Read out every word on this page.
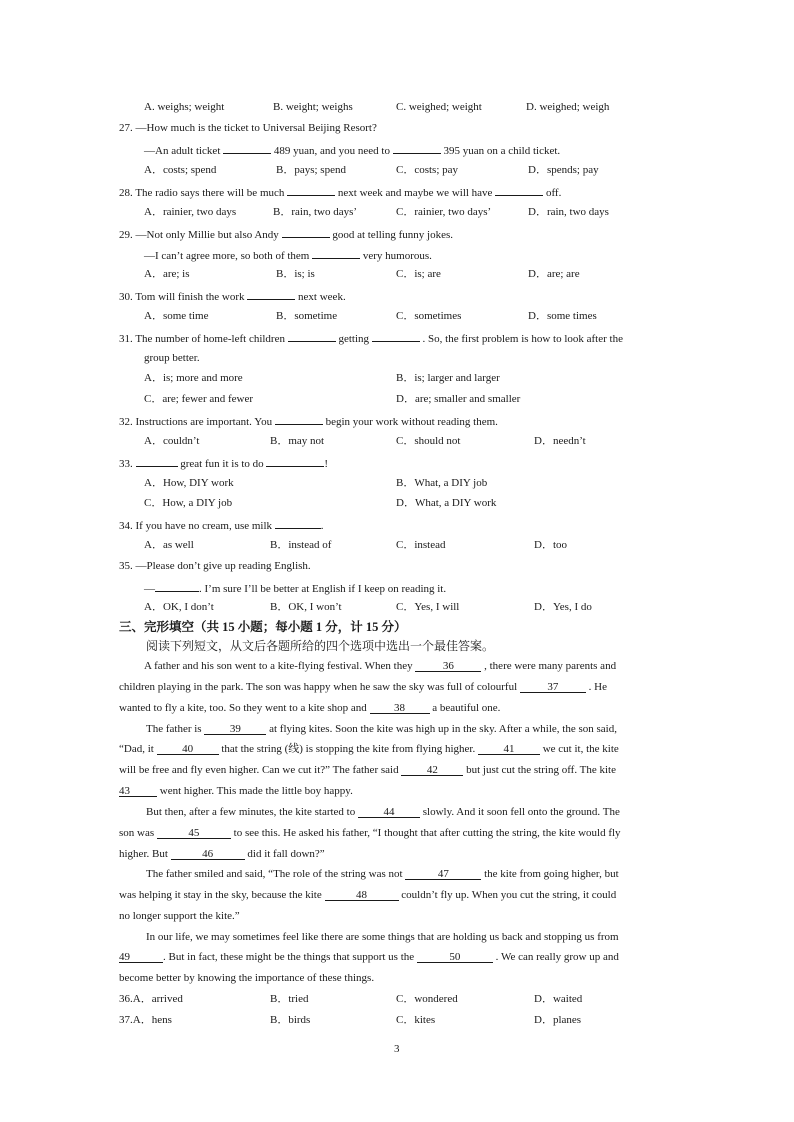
A. weighs; weight	B. weight; weighs	C. weighed; weight	D. weighed; weigh
27. —How much is the ticket to Universal Beijing Resort?
—An adult ticket	489 yuan, and you need to	395 yuan on a child ticket.
A．costs; spend	B．pays; spend	C．costs; pay	D．spends; pay
28. The radio says there will be much	next week and maybe we will have	off.
A．rainier, two days	B．rain, two days’	C．rainier, two days’	D．rain, two days
29. —Not only Millie but also Andy	good at telling funny jokes.
—I can’t agree more, so both of them	very humorous.
A．are; is	B．is; is	C．is; are	D．are; are
30. Tom will finish the work	next week.
A．some time	B．sometime	C．sometimes	D．some times
31. The number of home-left children	getting	. So, the first problem is how to look after the
group better.
A．is; more and more	B．is; larger and larger
C．are; fewer and fewer	D．are; smaller and smaller
32. Instructions are important. You	begin your work without reading them.
A．couldn’t	B．may not	C．should not	D．needn’t
33.	great fun it is to do	!
A．How, DIY work	B．What, a DIY job
C．How, a DIY job	D．What, a DIY work
34. If you have no cream, use milk	.
A．as well	B．instead of	C．instead	D．too
35. —Please don’t give up reading English.
—	. I’m sure I’ll be better at English if I keep on reading it.
A．OK, I don’t	B．OK, I won’t	C．Yes, I will	D．Yes, I do
三、完形填空（共 15 小题；每小题 1 分，计 15 分）
阅读下列短文，从文后各题所给的四个选项中选出一个最佳答案。
A father and his son went to a kite-flying festival. When they	36	, there were many parents and
children playing in the park. The son was happy when he saw the sky was full of colourful	37	. He
wanted to fly a kite, too. So they went to a kite shop and 38 a beautiful one.
The father is	39	at flying kites. Soon the kite was high up in the sky. After a while, the son said,
“Dad, it	40	that the string (线) is stopping the kite from flying higher.	41	we cut it, the kite
will be free and fly even higher. Can we cut it?” The father said	42	but just cut the string off. The kite
43	went higher. This made the little boy happy.
But then, after a few minutes, the kite started to	44	slowly. And it soon fell onto the ground. The
son was	45	to see this. He asked his father, “I thought that after cutting the string, the kite would fly
higher. But	46	did it fall down?”
The father smiled and said, “The role of the string was not	47	the kite from going higher, but
was helping it stay in the sky, because the kite	48	couldn’t fly up. When you cut the string, it could
no longer support the kite.”
In our life, we may sometimes feel like there are some things that are holding us back and stopping us from
49	. But in fact, these might be the things that support us the	50	. We can really grow up and
become better by knowing the importance of these things.
36.A．arrived	B．tried	C．wondered	D．waited
37.A．hens	B．birds	C．kites	D．planes
3
